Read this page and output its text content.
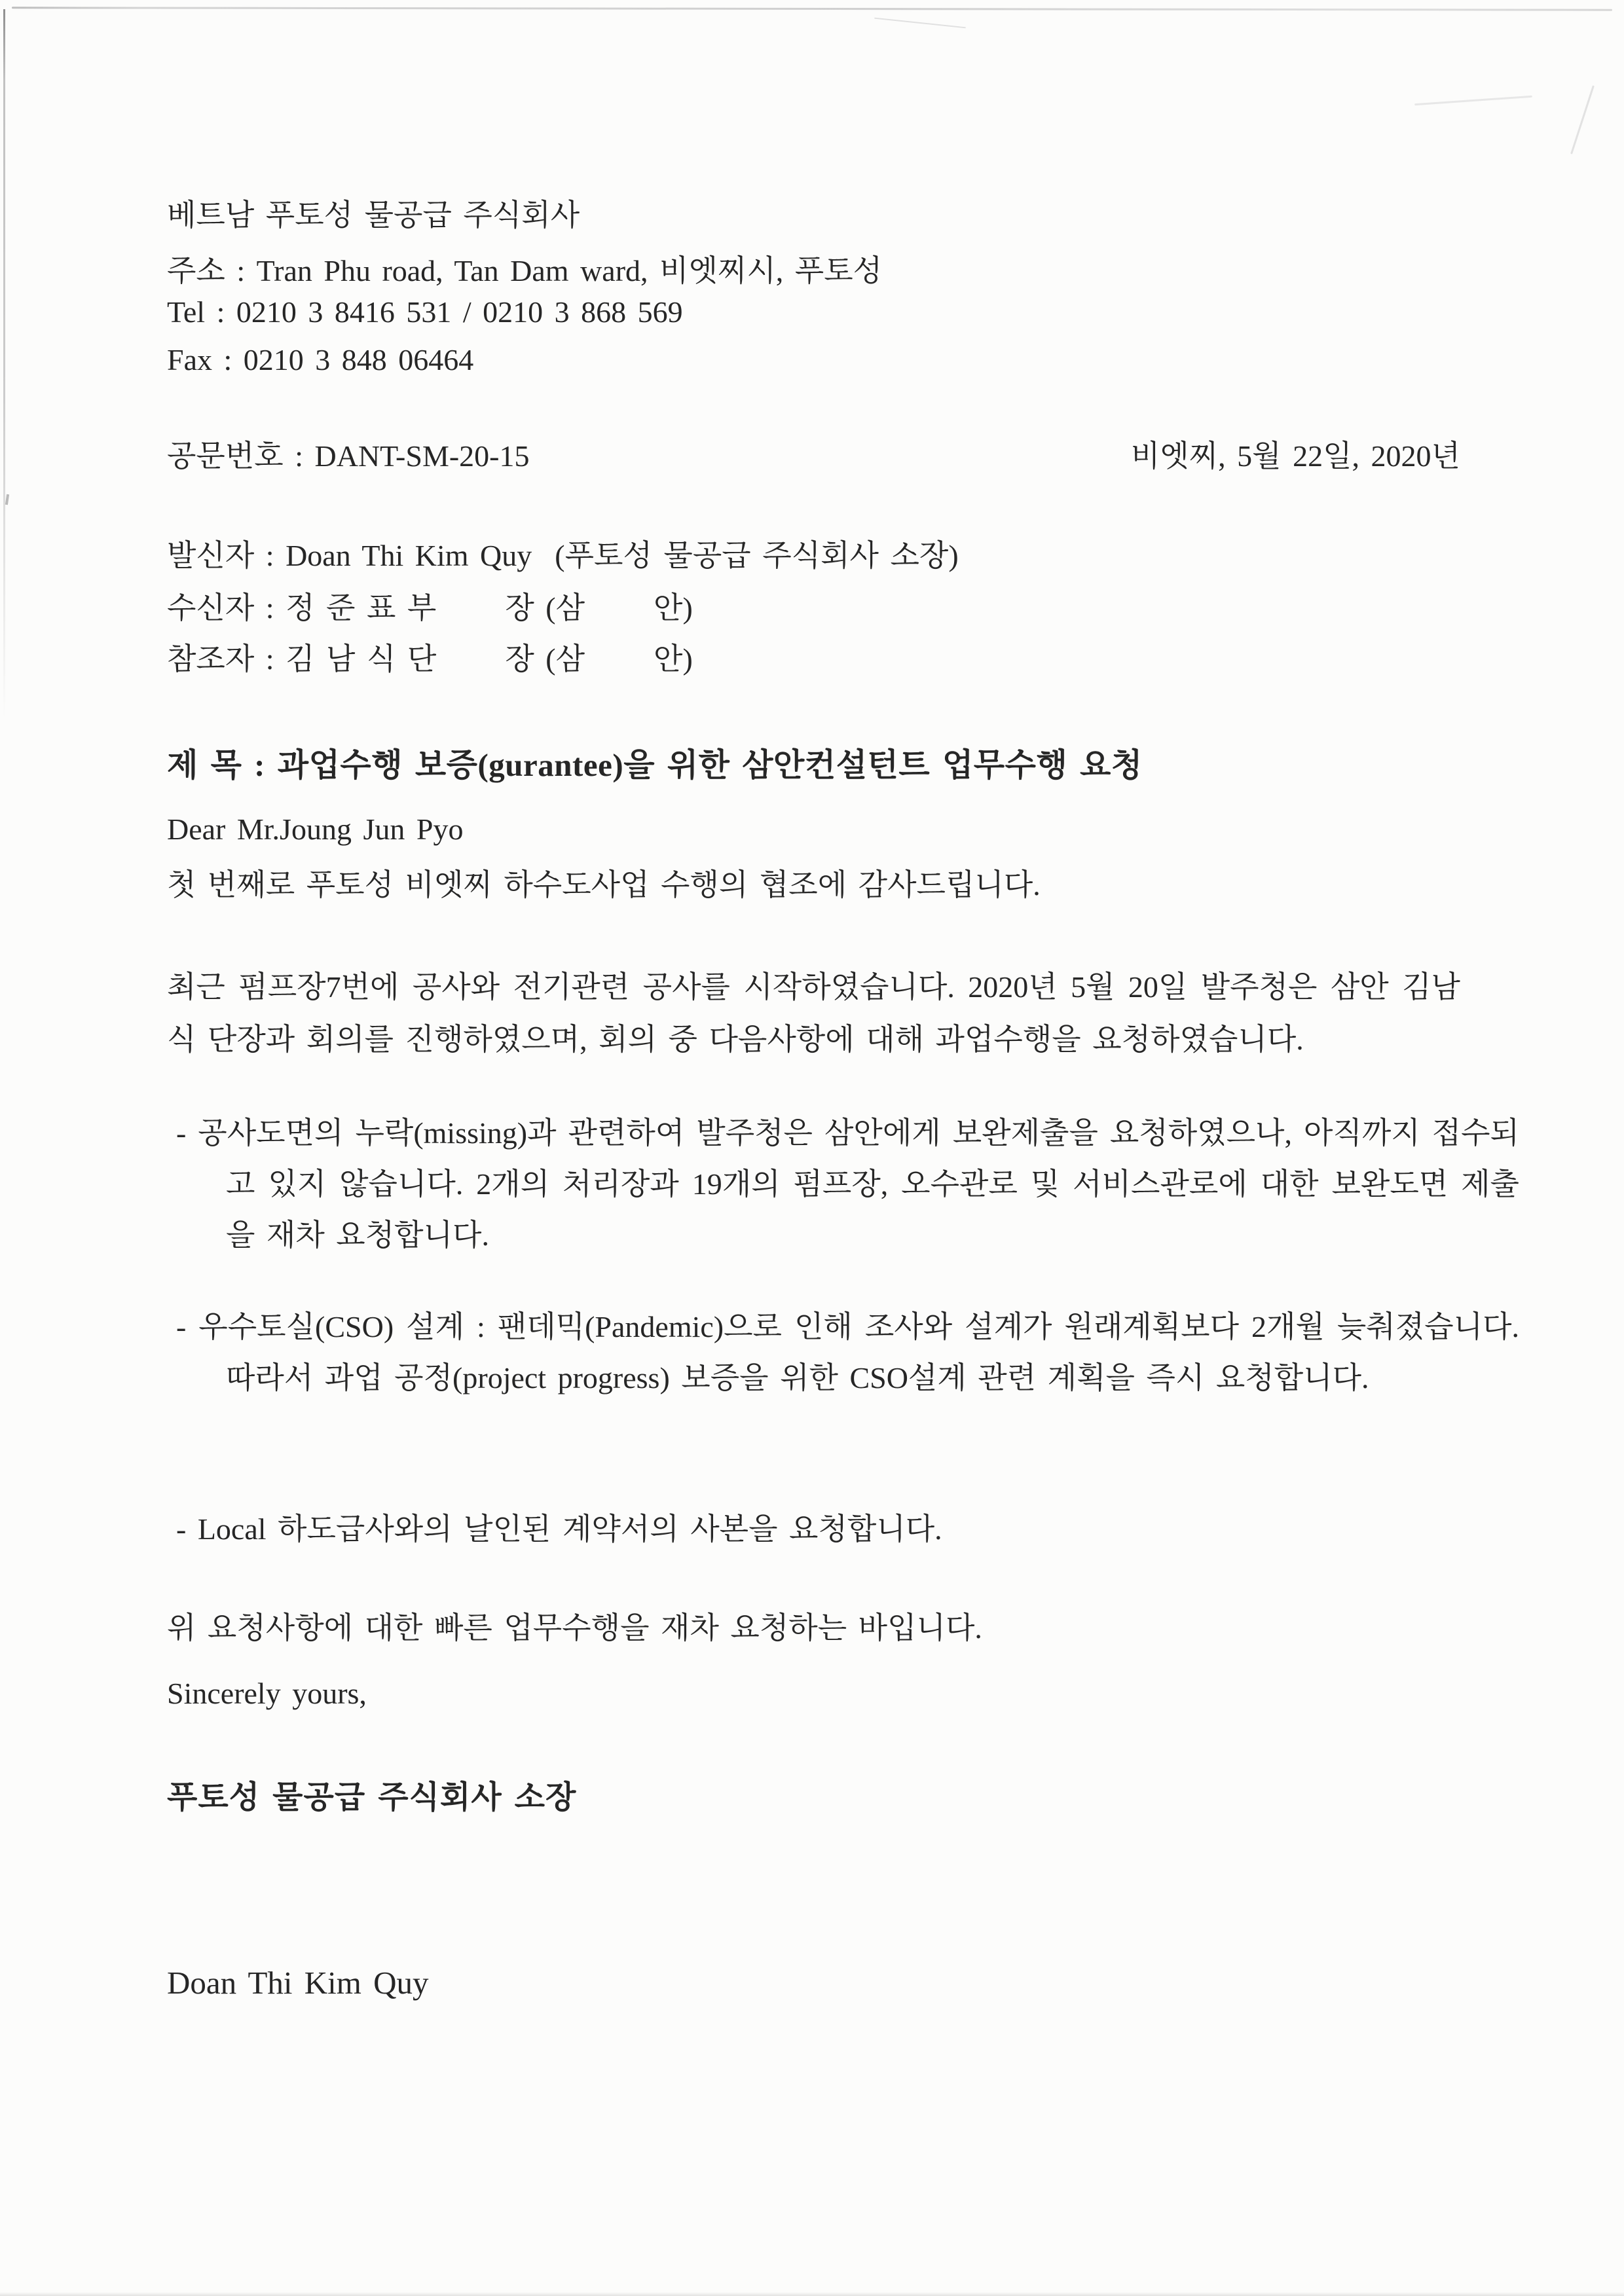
베트남 푸토성 물공급 주식회사

주소 : Tran Phu road, Tan Dam ward, 비엣찌시, 푸토성

Tel : 0210 3 8416 531 / 0210 3 868 569

Fax : 0210 3 848 06464

공문번호 : DANT-SM-20-15	비엣찌, 5월 22일, 2020년

발신자 : Doan Thi Kim Quy  (푸토성 물공급 주식회사 소장)

수신자 : 정 준 표 부      장 (삼      안)

참조자 : 김 남 식 단      장 (삼      안)

제 목 : 과업수행 보증(gurantee)을 위한 삼안컨설턴트 업무수행 요청

Dear Mr.Joung Jun Pyo

첫 번째로 푸토성 비엣찌 하수도사업 수행의 협조에 감사드립니다.

최근 펌프장7번에 공사와 전기관련 공사를 시작하였습니다. 2020년 5월 20일 발주청은 삼안 김남식 단장과 회의를 진행하였으며, 회의 중 다음사항에 대해 과업수행을 요청하였습니다.

- 공사도면의 누락(missing)과 관련하여 발주청은 삼안에게 보완제출을 요청하였으나, 아직까지 접수되고 있지 않습니다. 2개의 처리장과 19개의 펌프장, 오수관로 및 서비스관로에 대한 보완도면 제출을 재차 요청합니다.

- 우수토실(CSO) 설계 : 팬데믹(Pandemic)으로 인해 조사와 설계가 원래계획보다 2개월 늦춰졌습니다. 따라서 과업 공정(project progress) 보증을 위한 CSO설계 관련 계획을 즉시 요청합니다.

- Local 하도급사와의 날인된 계약서의 사본을 요청합니다.

위 요청사항에 대한 빠른 업무수행을 재차 요청하는 바입니다.

Sincerely yours,

푸토성 물공급 주식회사 소장

Doan Thi Kim Quy
